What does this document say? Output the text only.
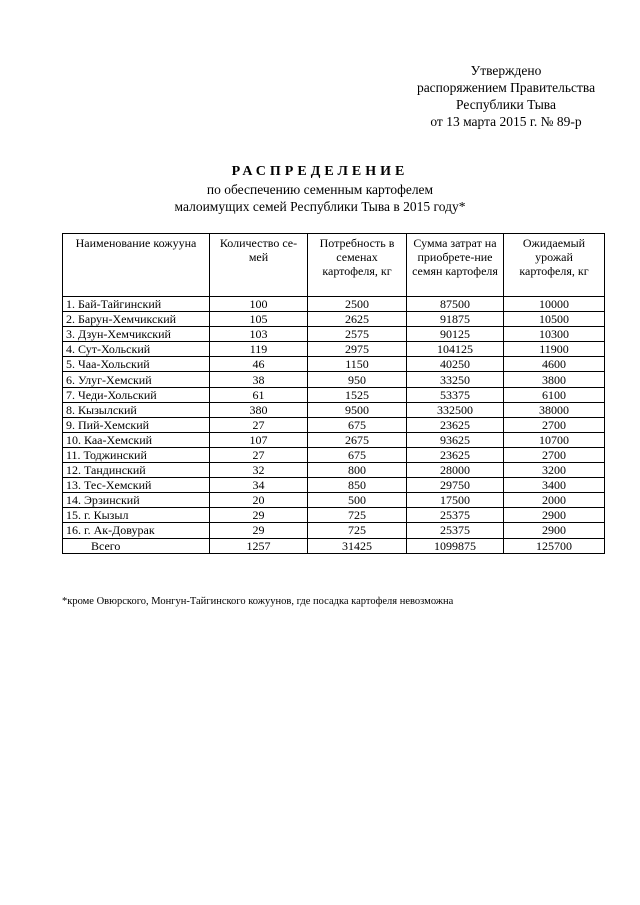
Утверждено
распоряжением Правительства
Республики Тыва
от 13 марта 2015 г. № 89-р
РАСПРЕДЕЛЕНИЕ
по обеспечению семенным картофелем
малоимущих семей Республики Тыва в 2015 году*
Наименование кожууна	Количество се-мей	Потребность в семенах картофеля, кг	Сумма затрат на приобрете-ние семян картофеля	Ожидаемый урожай картофеля, кг
1. Бай-Тайгинский	100	2500	87500	10000
2. Барун-Хемчикский	105	2625	91875	10500
3. Дзун-Хемчикский	103	2575	90125	10300
4. Сут-Хольский	119	2975	104125	11900
5. Чаа-Хольский	46	1150	40250	4600
6. Улуг-Хемский	38	950	33250	3800
7. Чеди-Хольский	61	1525	53375	6100
8. Кызылский	380	9500	332500	38000
9. Пий-Хемский	27	675	23625	2700
10. Каа-Хемский	107	2675	93625	10700
11. Тоджинский	27	675	23625	2700
12. Тандинский	32	800	28000	3200
13. Тес-Хемский	34	850	29750	3400
14. Эрзинский	20	500	17500	2000
15. г. Кызыл	29	725	25375	2900
16. г. Ак-Довурак	29	725	25375	2900
Всего	1257	31425	1099875	125700
*кроме Овюрского, Монгун-Тайгинского кожуунов, где посадка картофеля невозможна
